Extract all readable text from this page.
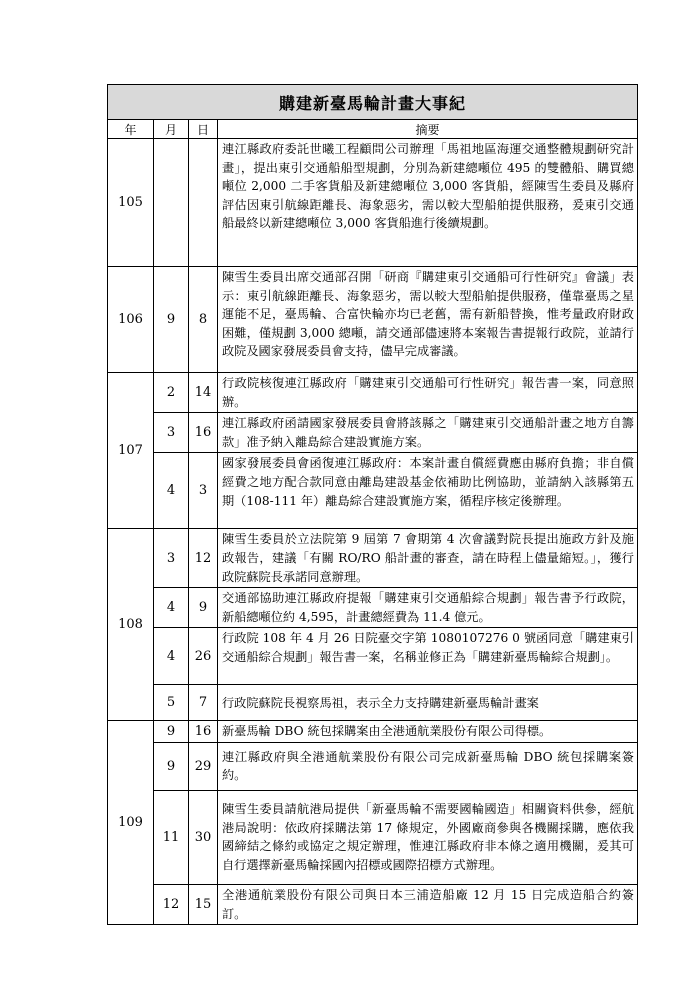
購建新臺馬輪計畫大事紀			
年	月	日	摘要
105			連江縣政府委託世曦工程顧問公司辦理「馬祖地區海運交通整體規劃研究計畫」，提出東引交通船船型規劃，分別為新建總噸位 495 的雙體船、購買總噸位 2,000 二手客貨船及新建總噸位 3,000 客貨船，經陳雪生委員及縣府評估因東引航線距離長、海象惡劣，需以較大型船舶提供服務，爰東引交通船最終以新建總噸位 3,000 客貨船進行後續規劃。
106	9	8	陳雪生委員出席交通部召開「研商『購建東引交通船可行性研究』會議」表示：東引航線距離長、海象惡劣，需以較大型船舶提供服務，僅靠臺馬之星運能不足，臺馬輪、合富快輪亦均已老舊，需有新船替換，惟考量政府財政困難，僅規劃 3,000 總噸，請交通部儘速將本案報告書提報行政院，並請行政院及國家發展委員會支持，儘早完成審議。
107	2	14	行政院核復連江縣政府「購建東引交通船可行性研究」報告書一案，同意照辦。
	3	16	連江縣政府函請國家發展委員會將該縣之「購建東引交通船計畫之地方自籌款」准予納入離島綜合建設實施方案。
	4	3	國家發展委員會函復連江縣政府：本案計畫自償經費應由縣府負擔；非自償經費之地方配合款同意由離島建設基金依補助比例協助，並請納入該縣第五期（108-111 年）離島綜合建設實施方案，循程序核定後辦理。
108	3	12	陳雪生委員於立法院第 9 屆第 7 會期第 4 次會議對院長提出施政方針及施政報告，建議「有關 RO/RO 船計畫的審查，請在時程上儘量縮短。」，獲行政院蘇院長承諾同意辦理。
	4	9	交通部協助連江縣政府提報「購建東引交通船綜合規劃」報告書予行政院，新船總噸位約 4,595，計畫總經費為 11.4 億元。
	4	26	行政院 108 年 4 月 26 日院臺交字第 1080107276 0 號函同意「購建東引交通船綜合規劃」報告書一案，名稱並修正為「購建新臺馬輪綜合規劃」。
	5	7	行政院蘇院長視察馬祖，表示全力支持購建新臺馬輪計畫案
109	9	16	新臺馬輪 DBO 統包採購案由全港通航業股份有限公司得標。
	9	29	連江縣政府與全港通航業股份有限公司完成新臺馬輪 DBO 統包採購案簽約。
	11	30	陳雪生委員請航港局提供「新臺馬輪不需要國輪國造」相關資料供參，經航港局說明：依政府採購法第 17 條規定，外國廠商參與各機關採購，應依我國締結之條約或協定之規定辦理，惟連江縣政府非本條之適用機關，爰其可自行選擇新臺馬輪採國內招標或國際招標方式辦理。
	12	15	全港通航業股份有限公司與日本三浦造船廠 12 月 15 日完成造船合約簽訂。
